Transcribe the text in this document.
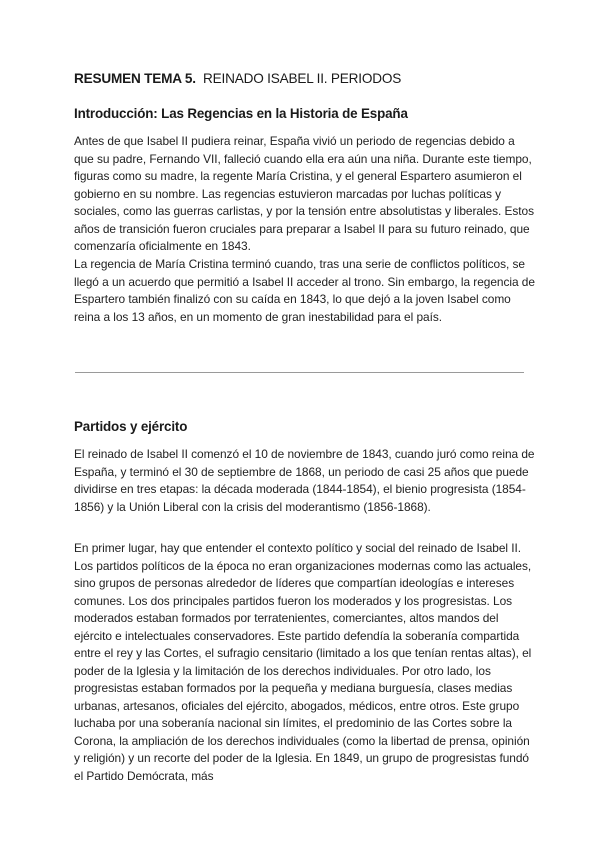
RESUMEN TEMA 5. REINADO ISABEL II. PERIODOS
Introducción: Las Regencias en la Historia de España

Antes de que Isabel II pudiera reinar, España vivió un periodo de regencias debido a que su padre, Fernando VII, falleció cuando ella era aún una niña. Durante este tiempo, figuras como su madre, la regente María Cristina, y el general Espartero asumieron el gobierno en su nombre. Las regencias estuvieron marcadas por luchas políticas y sociales, como las guerras carlistas, y por la tensión entre absolutistas y liberales. Estos años de transición fueron cruciales para preparar a Isabel II para su futuro reinado, que comenzaría oficialmente en 1843.

La regencia de María Cristina terminó cuando, tras una serie de conflictos políticos, se llegó a un acuerdo que permitió a Isabel II acceder al trono. Sin embargo, la regencia de Espartero también finalizó con su caída en 1843, lo que dejó a la joven Isabel como reina a los 13 años, en un momento de gran inestabilidad para el país.

Partidos y ejército

El reinado de Isabel II comenzó el 10 de noviembre de 1843, cuando juró como reina de España, y terminó el 30 de septiembre de 1868, un periodo de casi 25 años que puede dividirse en tres etapas: la década moderada (1844-1854), el bienio progresista (1854-1856) y la Unión Liberal con la crisis del moderantismo (1856-1868).

En primer lugar, hay que entender el contexto político y social del reinado de Isabel II. Los partidos políticos de la época no eran organizaciones modernas como las actuales, sino grupos de personas alrededor de líderes que compartían ideologías e intereses comunes. Los dos principales partidos fueron los moderados y los progresistas. Los moderados estaban formados por terratenientes, comerciantes, altos mandos del ejército e intelectuales conservadores. Este partido defendía la soberanía compartida entre el rey y las Cortes, el sufragio censitario (limitado a los que tenían rentas altas), el poder de la Iglesia y la limitación de los derechos individuales. Por otro lado, los progresistas estaban formados por la pequeña y mediana burguesía, clases medias urbanas, artesanos, oficiales del ejército, abogados, médicos, entre otros. Este grupo luchaba por una soberanía nacional sin límites, el predominio de las Cortes sobre la Corona, la ampliación de los derechos individuales (como la libertad de prensa, opinión y religión) y un recorte del poder de la Iglesia. En 1849, un grupo de progresistas fundó el Partido Demócrata, más
